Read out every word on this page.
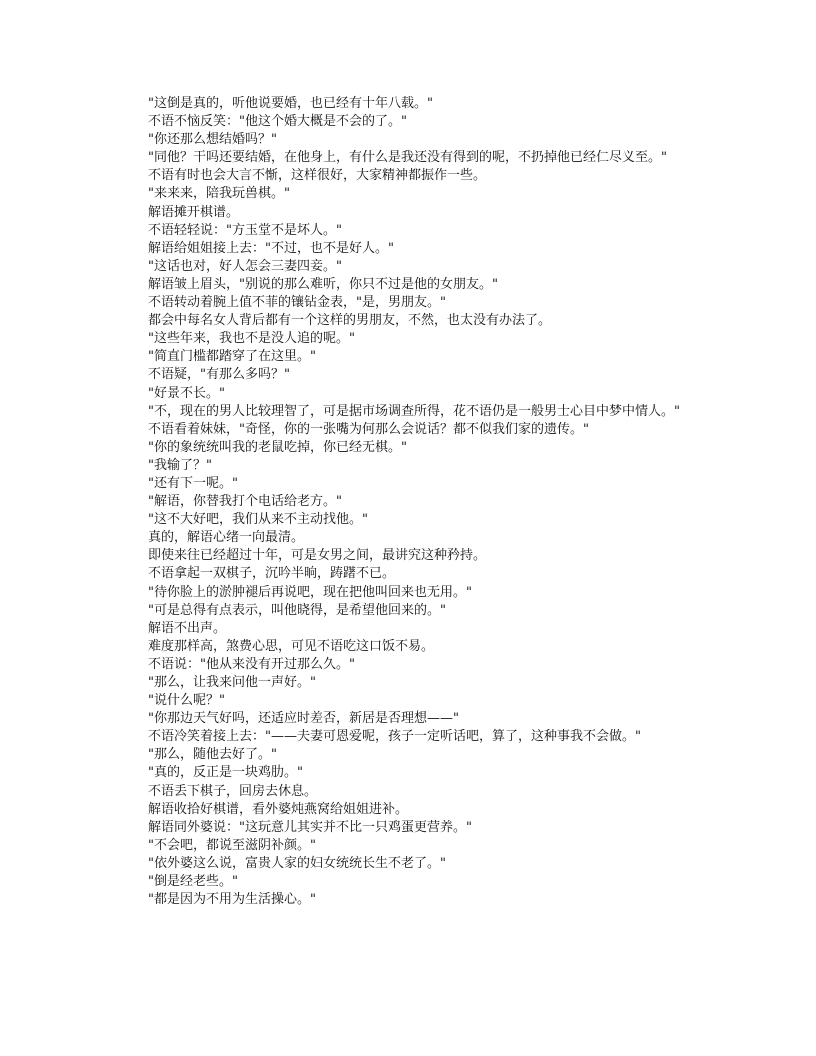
"这倒是真的，听他说要婚，也已经有十年八载。"

不语不恼反笑："他这个婚大概是不会的了。"

"你还那么想结婚吗？"

"同他？干吗还要结婚，在他身上，有什么是我还没有得到的呢，不扔掉他已经仁尽义至。"

不语有时也会大言不惭，这样很好，大家精神都振作一些。

"来来来，陪我玩兽棋。"

解语摊开棋谱。

不语轻轻说："方玉堂不是坏人。"

解语给姐姐接上去："不过，也不是好人。"

"这话也对，好人怎会三妻四妾。"

解语皱上眉头，"别说的那么难听，你只不过是他的女朋友。"

不语转动着腕上值不菲的镶钻金表，"是，男朋友。"

都会中每名女人背后都有一个这样的男朋友，不然，也太没有办法了。

"这些年来，我也不是没人追的呢。"

"简直门槛都踏穿了在这里。"

不语疑，"有那么多吗？"

"好景不长。"

"不，现在的男人比较理智了，可是据市场调查所得，花不语仍是一般男士心目中梦中情人。"

不语看着妹妹，"奇怪，你的一张嘴为何那么会说话？都不似我们家的遗传。"

"你的象统统叫我的老鼠吃掉，你已经无棋。"

"我输了？"

"还有下一呢。"

"解语，你替我打个电话给老方。"

"这不大好吧，我们从来不主动找他。"

真的，解语心绪一向最清。

即使来往已经超过十年，可是女男之间，最讲究这种矜持。

不语拿起一双棋子，沉吟半晌，踌躇不已。

"待你脸上的淤肿褪后再说吧，现在把他叫回来也无用。"

"可是总得有点表示，叫他晓得，是希望他回来的。"

解语不出声。

难度那样高，煞费心思，可见不语吃这口饭不易。

不语说："他从来没有开过那么久。"

"那么，让我来问他一声好。"

"说什么呢？"

"你那边天气好吗，还适应时差否，新居是否理想——"

不语冷笑着接上去："——夫妻可恩爱呢，孩子一定听话吧，算了，这种事我不会做。"

"那么，随他去好了。"

"真的，反正是一块鸡肋。"

不语丢下棋子，回房去休息。

解语收拾好棋谱，看外婆炖燕窝给姐姐进补。

解语同外婆说："这玩意儿其实并不比一只鸡蛋更营养。"

"不会吧，都说至滋阴补颜。"

"依外婆这么说，富贵人家的妇女统统长生不老了。"

"倒是经老些。"

"都是因为不用为生活操心。"
